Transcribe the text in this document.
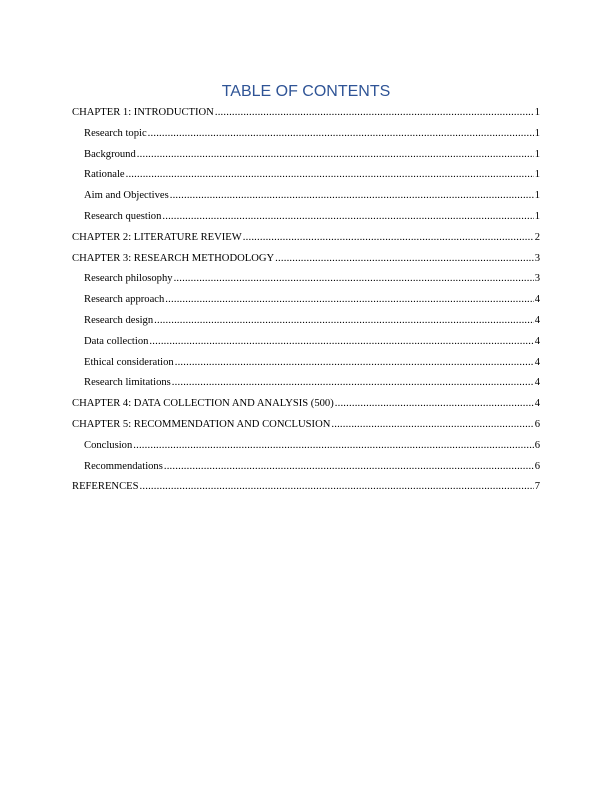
TABLE OF CONTENTS
CHAPTER 1: INTRODUCTION .....	1
Research topic .....	1
Background .....	1
Rationale .....	1
Aim and Objectives .....	1
Research question .....	1
CHAPTER 2: LITERATURE REVIEW .....	2
CHAPTER 3: RESEARCH METHODOLOGY .....	3
Research philosophy .....	3
Research approach .....	4
Research design .....	4
Data collection .....	4
Ethical consideration .....	4
Research limitations .....	4
CHAPTER 4: DATA COLLECTION AND ANALYSIS (500) .....	4
CHAPTER 5: RECOMMENDATION AND CONCLUSION .....	6
Conclusion .....	6
Recommendations .....	6
REFERENCES .....	7
